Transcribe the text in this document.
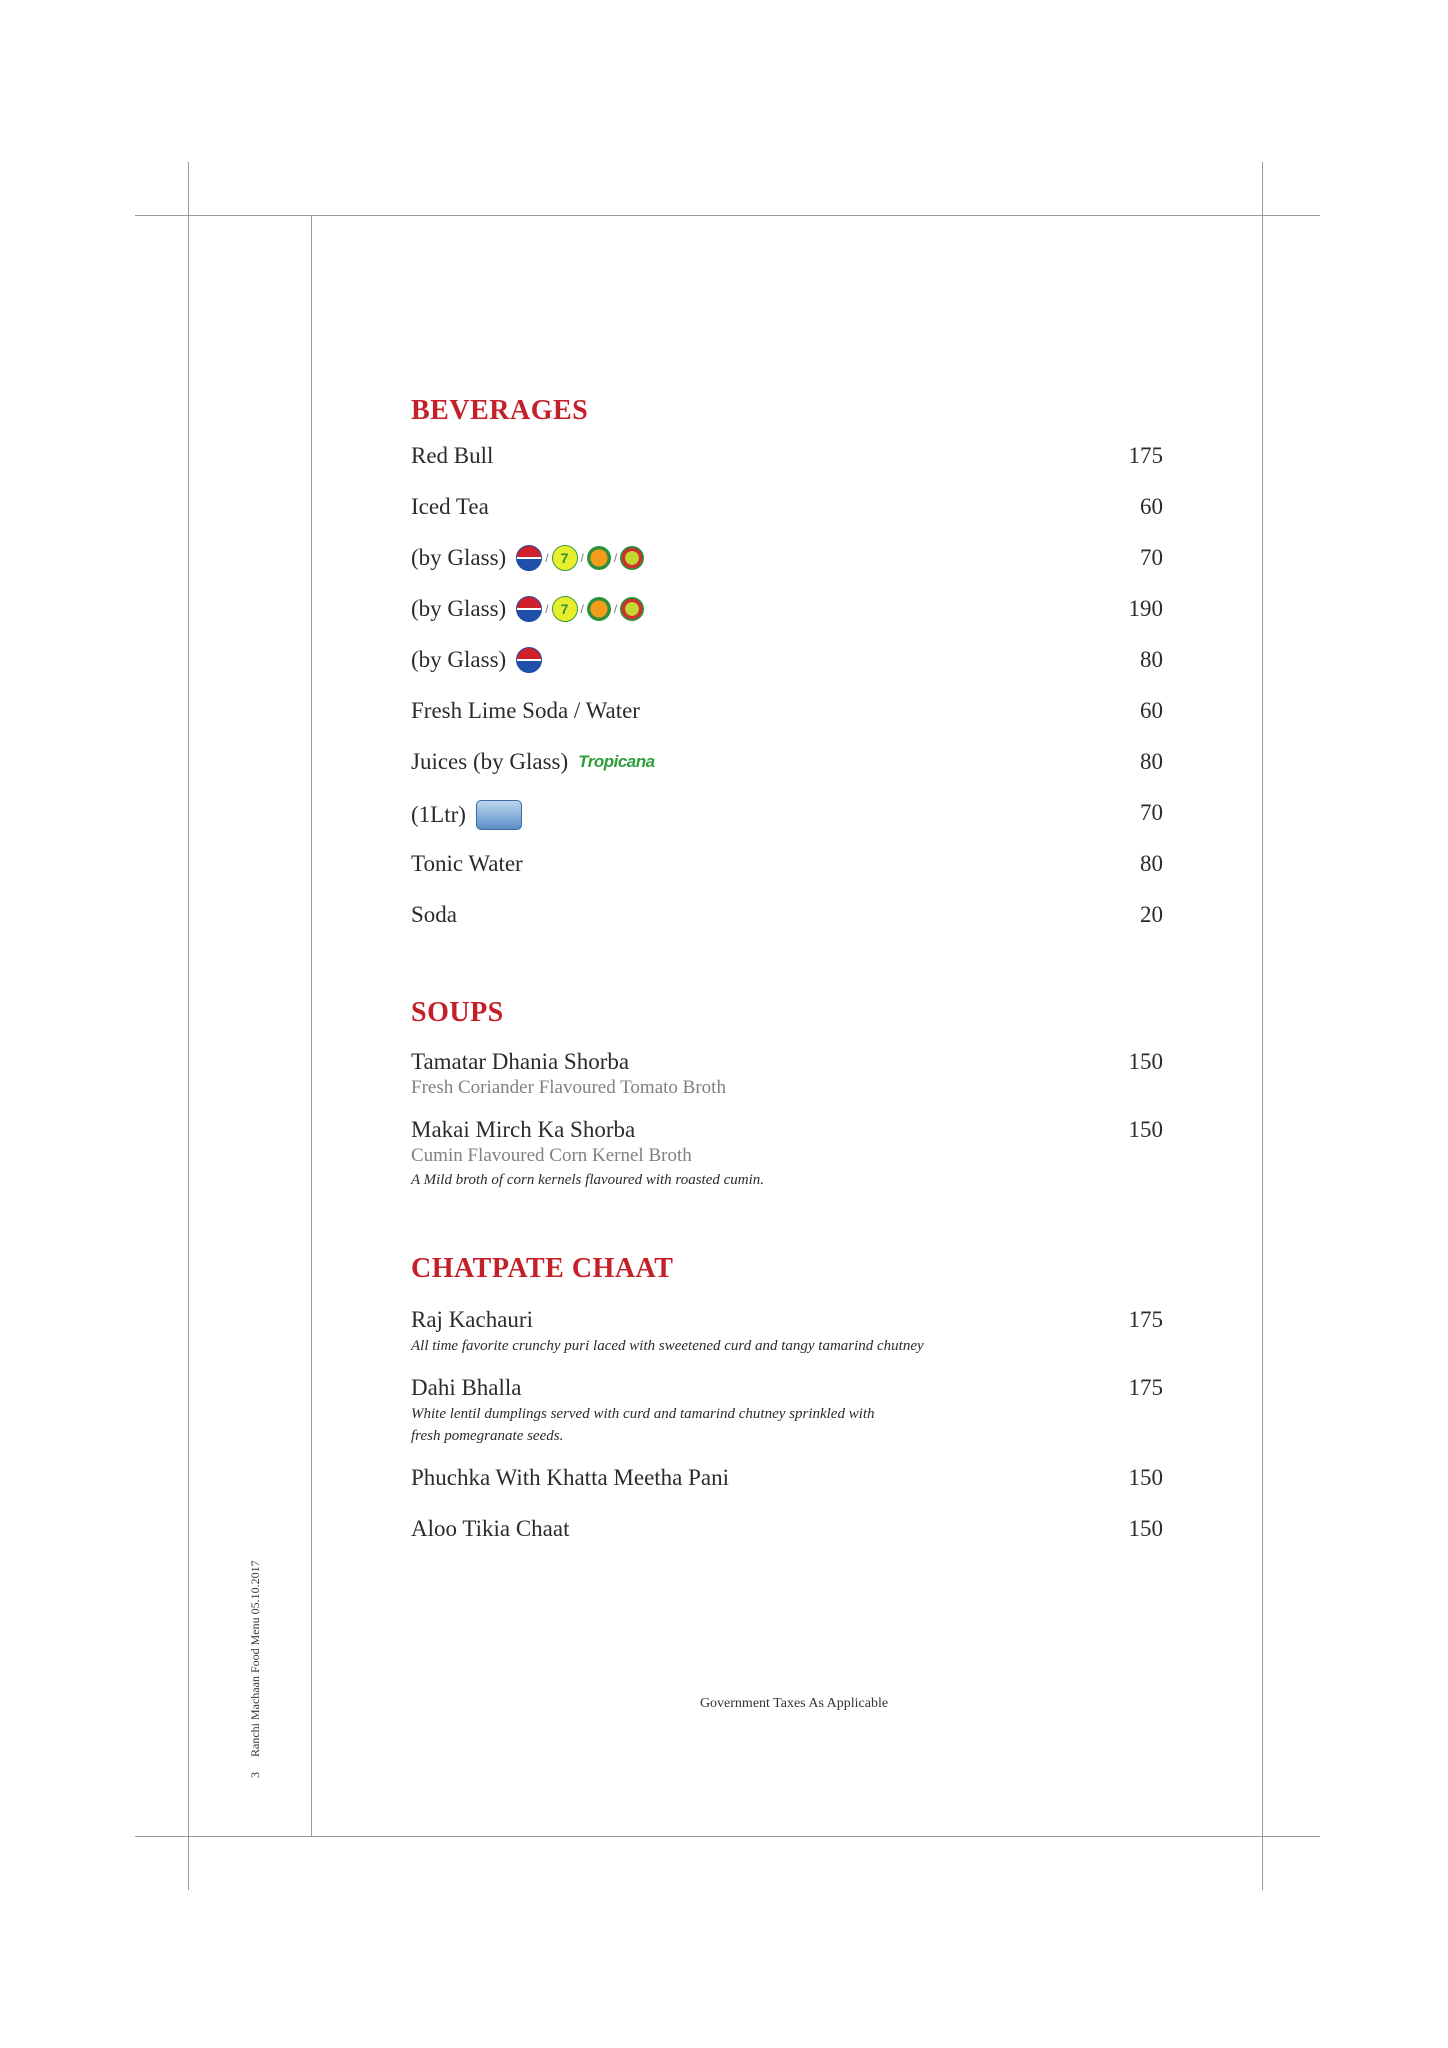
BEVERAGES
Red Bull	175
Iced Tea	60
(by Glass)	/ 7	/	/	70
(by Glass)	/ 7	/	/	190
(by Glass)	80
Fresh Lime Soda / Water	60
Juices (by Glass) Tropicana	80
(1Ltr)	70
Tonic Water	80
Soda	20
SOUPS
Tamatar Dhania Shorba
Fresh Coriander Flavoured Tomato Broth
150
Makai Mirch Ka Shorba
Cumin Flavoured Corn Kernel Broth
A Mild broth of corn kernels flavoured with roasted cumin.
150
CHATPATE CHAAT
Raj Kachauri
All time favorite crunchy puri laced with sweetened curd and tangy tamarind chutney
175
Dahi Bhalla
White lentil dumplings served with curd and tamarind chutney sprinkled with
fresh pomegranate seeds.
175
Phuchka With Khatta Meetha Pani	150
Aloo Tikia Chaat	150
Government Taxes As Applicable
3     Ranchi Machaan Food Menu 05.10.2017
